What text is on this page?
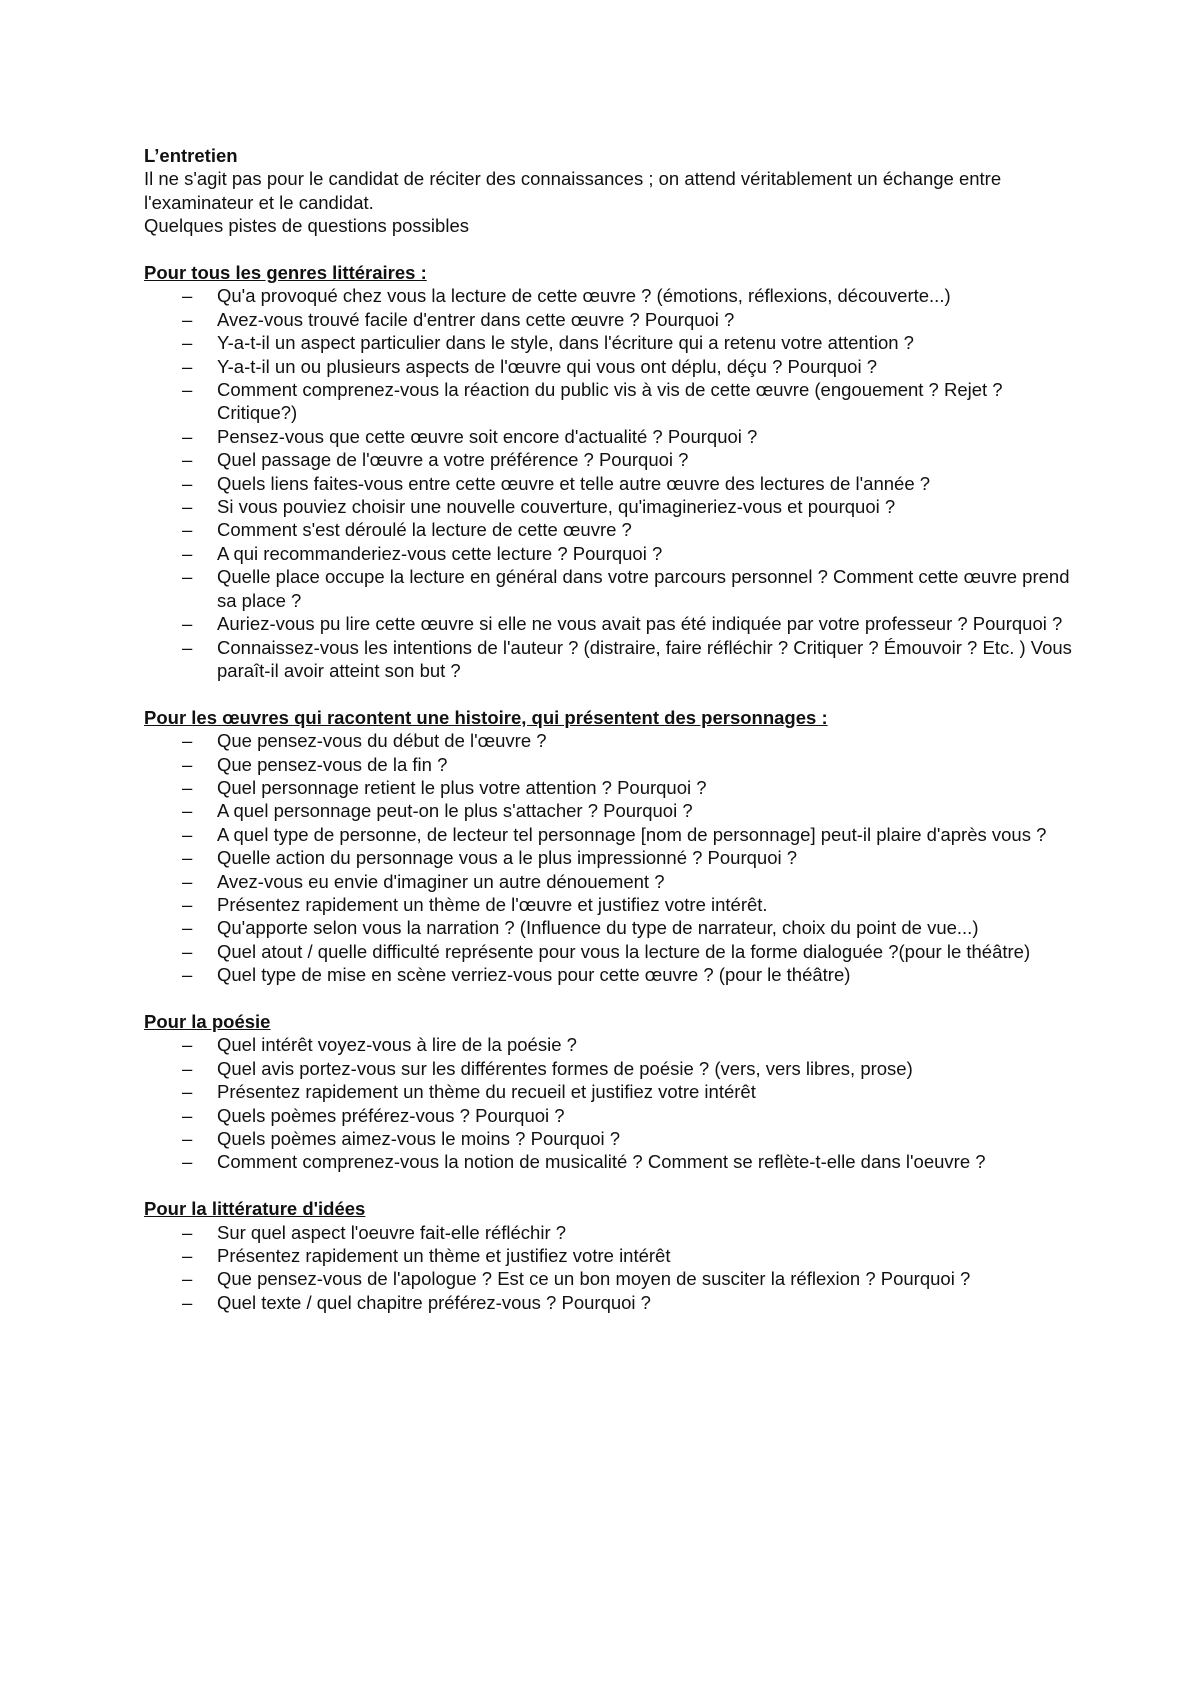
L’entretien

Il ne s'agit pas pour le candidat de réciter des connaissances ; on attend véritablement un échange entre l'examinateur et le candidat.

Quelques pistes de questions possibles

Pour tous les genres littéraires :
– Qu'a provoqué chez vous la lecture de cette œuvre ? (émotions, réflexions, découverte...)
– Avez-vous trouvé facile d'entrer dans cette œuvre ? Pourquoi ?
– Y-a-t-il un aspect particulier dans le style, dans l'écriture qui a retenu votre attention ?
– Y-a-t-il un ou plusieurs aspects de l'œuvre qui vous ont déplu, déçu ? Pourquoi ?
– Comment comprenez-vous la réaction du public vis à vis de cette œuvre (engouement ? Rejet ? Critique?)
– Pensez-vous que cette œuvre soit encore d'actualité ? Pourquoi ?
– Quel passage de l'œuvre a votre préférence ? Pourquoi ?
– Quels liens faites-vous entre cette œuvre et telle autre œuvre des lectures de l'année ?
– Si vous pouviez choisir une nouvelle couverture, qu'imagineriez-vous et pourquoi ?
– Comment s'est déroulé la lecture de cette œuvre ?
– A qui recommanderiez-vous cette lecture ? Pourquoi ?
– Quelle place occupe la lecture en général dans votre parcours personnel ? Comment cette œuvre prend sa place ?
– Auriez-vous pu lire cette œuvre si elle ne vous avait pas été indiquée par votre professeur ? Pourquoi ?
– Connaissez-vous les intentions de l'auteur ? (distraire, faire réfléchir ? Critiquer ? Émouvoir ? Etc. ) Vous paraît-il avoir atteint son but ?
Pour les œuvres qui racontent une histoire, qui présentent des personnages :
– Que pensez-vous du début de l'œuvre ?
– Que pensez-vous de la fin ?
– Quel personnage retient le plus votre attention ? Pourquoi ?
– A quel personnage peut-on le plus s'attacher ? Pourquoi ?
– A quel type de personne, de lecteur tel personnage [nom de personnage] peut-il plaire d'après vous ?
– Quelle action du personnage vous a le plus impressionné ? Pourquoi ?
– Avez-vous eu envie d'imaginer un autre dénouement ?
– Présentez rapidement un thème de l'œuvre et justifiez votre intérêt.
– Qu'apporte selon vous la narration ? (Influence du type de narrateur, choix du point de vue...)
– Quel atout / quelle difficulté représente pour vous la lecture de la forme dialoguée ?(pour le théâtre)
– Quel type de mise en scène verriez-vous pour cette œuvre ? (pour le théâtre)
Pour la poésie
– Quel intérêt voyez-vous à lire de la poésie ?
– Quel avis portez-vous sur les différentes formes de poésie ? (vers, vers libres, prose)
– Présentez rapidement un thème du recueil et justifiez votre intérêt
– Quels poèmes préférez-vous ? Pourquoi ?
– Quels poèmes aimez-vous le moins ? Pourquoi ?
– Comment comprenez-vous la notion de musicalité ? Comment se reflète-t-elle dans l'oeuvre ?
Pour la littérature d'idées
– Sur quel aspect l'oeuvre fait-elle réfléchir ?
– Présentez rapidement un thème et justifiez votre intérêt
– Que pensez-vous de l'apologue ? Est ce un bon moyen de susciter la réflexion ? Pourquoi ?
– Quel texte / quel chapitre préférez-vous ? Pourquoi ?
